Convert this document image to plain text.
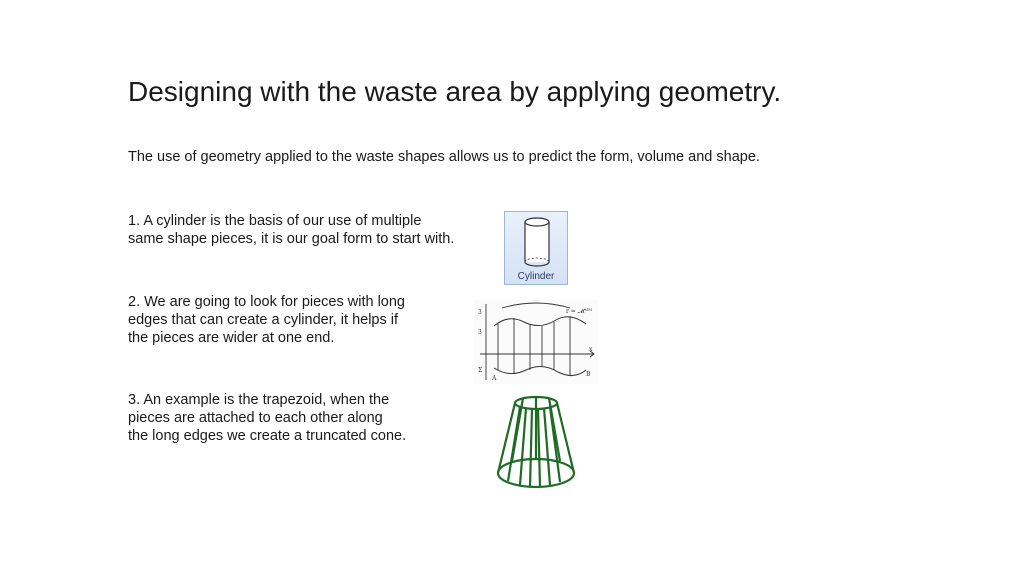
Designing with the waste area by applying geometry.

The use of geometry applied to the waste shapes allows us to predict the form, volume and shape.

1. A cylinder is the basis of our use of multiple
same shape pieces, it is our goal form to start with.

2. We are going to look for pieces with long
edges that can create a cylinder, it helps if
the pieces are wider at one end.

3. An example is the trapezoid, when the
pieces are attached to each other along
the long edges we create a truncated cone.

Cylinder
r = 𝓜ᴹᴹ
3
3
A
B
Σ
x
